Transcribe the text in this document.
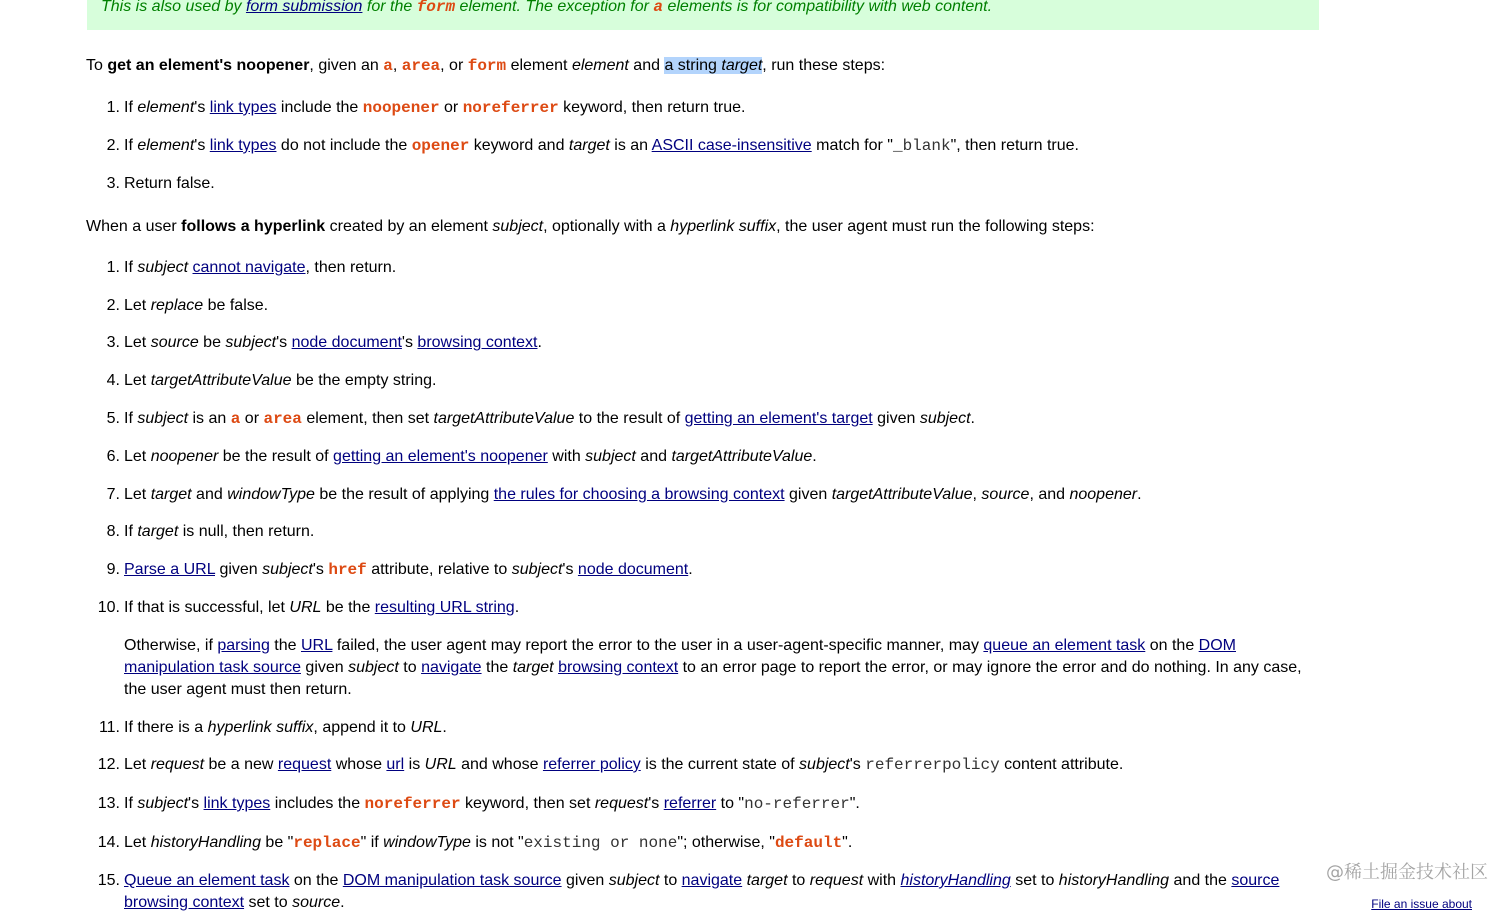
This is also used by form submission for the form element. The exception for a elements is for compatibility with web content.

To get an element's noopener, given an a, area, or form element element and a string target, run these steps:

1. If element's link types include the noopener or noreferrer keyword, then return true.
2. If element's link types do not include the opener keyword and target is an ASCII case-insensitive match for "_blank", then return true.
3. Return false.

When a user follows a hyperlink created by an element subject, optionally with a hyperlink suffix, the user agent must run the following steps:

1. If subject cannot navigate, then return.
2. Let replace be false.
3. Let source be subject's node document's browsing context.
4. Let targetAttributeValue be the empty string.
5. If subject is an a or area element, then set targetAttributeValue to the result of getting an element's target given subject.
6. Let noopener be the result of getting an element's noopener with subject and targetAttributeValue.
7. Let target and windowType be the result of applying the rules for choosing a browsing context given targetAttributeValue, source, and noopener.
8. If target is null, then return.
9. Parse a URL given subject's href attribute, relative to subject's node document.
10. If that is successful, let URL be the resulting URL string.
Otherwise, if parsing the URL failed, the user agent may report the error to the user in a user-agent-specific manner, may queue an element task on the DOM manipulation task source given subject to navigate the target browsing context to an error page to report the error, or may ignore the error and do nothing. In any case, the user agent must then return.
11. If there is a hyperlink suffix, append it to URL.
12. Let request be a new request whose url is URL and whose referrer policy is the current state of subject's referrerpolicy content attribute.
13. If subject's link types includes the noreferrer keyword, then set request's referrer to "no-referrer".
14. Let historyHandling be "replace" if windowType is not "existing or none"; otherwise, "default".
15. Queue an element task on the DOM manipulation task source given subject to navigate target to request with historyHandling set to historyHandling and the source browsing context set to source.
@稀土掘金技术社区
File an issue about
